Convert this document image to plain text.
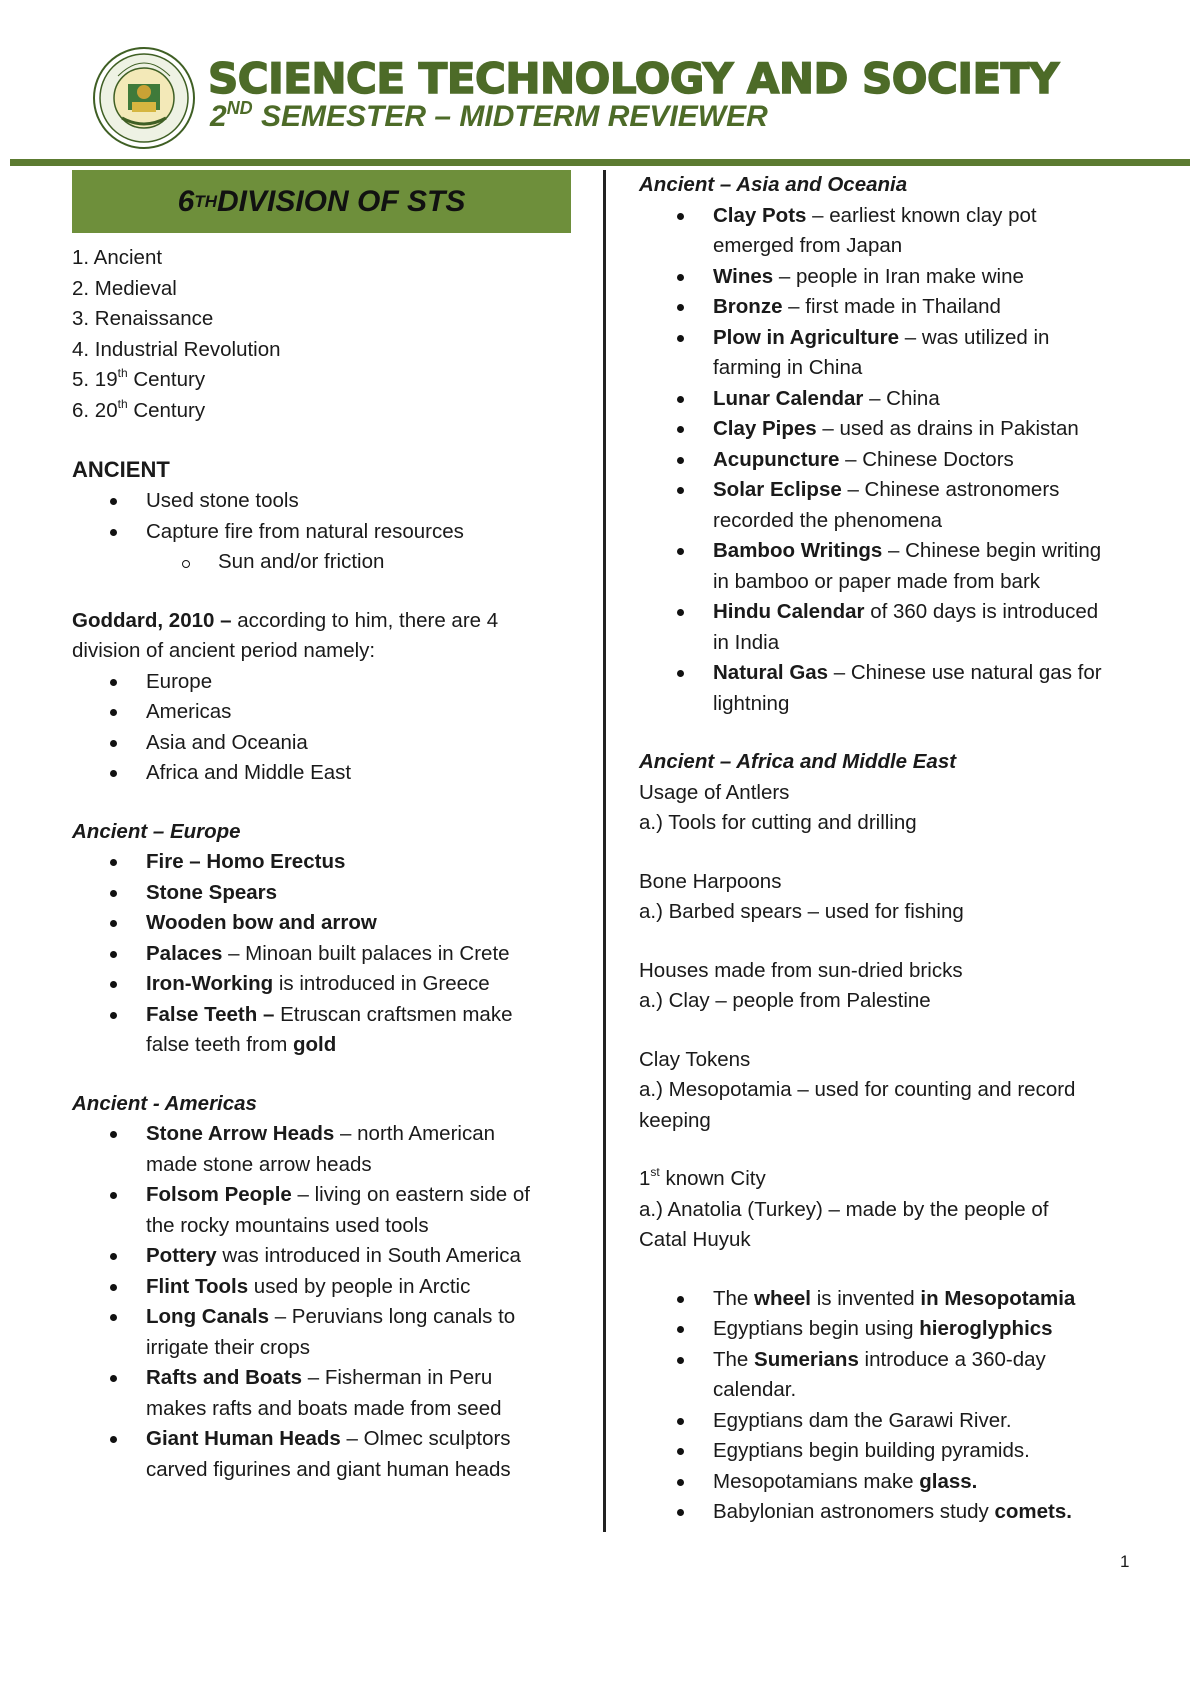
SCIENCE TECHNOLOGY AND SOCIETY
2ND SEMESTER – MIDTERM REVIEWER
6 TH DIVISION OF STS
1. Ancient
2. Medieval
3. Renaissance
4. Industrial Revolution
5. 19th Century
6. 20th Century
ANCIENT
Used stone tools
Capture fire from natural resources
Sun and/or friction
Goddard, 2010 – according to him, there are 4
division of ancient period namely:
Europe
Americas
Asia and Oceania
Africa and Middle East
Ancient – Europe
Fire – Homo Erectus
Stone Spears
Wooden bow and arrow
Palaces – Minoan built palaces in Crete
Iron-Working is introduced in Greece
False Teeth – Etruscan craftsmen make
false teeth from gold
Ancient - Americas
Stone Arrow Heads – north American
made stone arrow heads
Folsom People – living on eastern side of
the rocky mountains used tools
Pottery was introduced in South America
Flint Tools used by people in Arctic
Long Canals – Peruvians long canals to
irrigate their crops
Rafts and Boats – Fisherman in Peru
makes rafts and boats made from seed
Giant Human Heads – Olmec sculptors
carved figurines and giant human heads
Ancient – Asia and Oceania
Clay Pots – earliest known clay pot
emerged from Japan
Wines – people in Iran make wine
Bronze – first made in Thailand
Plow in Agriculture – was utilized in
farming in China
Lunar Calendar – China
Clay Pipes – used as drains in Pakistan
Acupuncture – Chinese Doctors
Solar Eclipse – Chinese astronomers
recorded the phenomena
Bamboo Writings – Chinese begin writing
in bamboo or paper made from bark
Hindu Calendar of 360 days is introduced
in India
Natural Gas – Chinese use natural gas for
lightning
Ancient – Africa and Middle East
Usage of Antlers
a.) Tools for cutting and drilling
Bone Harpoons
a.) Barbed spears – used for fishing
Houses made from sun-dried bricks
a.) Clay – people from Palestine
Clay Tokens
a.) Mesopotamia – used for counting and record
keeping
1st known City
a.) Anatolia (Turkey) – made by the people of
Catal Huyuk
The wheel is invented in Mesopotamia
Egyptians begin using hieroglyphics
The Sumerians introduce a 360-day
calendar.
Egyptians dam the Garawi River.
Egyptians begin building pyramids.
Mesopotamians make glass.
Babylonian astronomers study comets.
1
